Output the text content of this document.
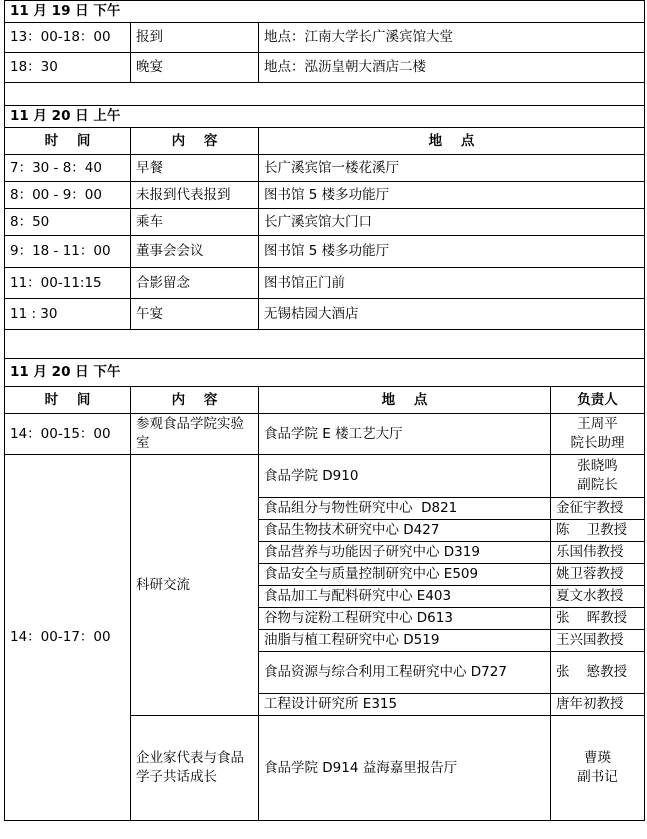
11 月 19 日 下午			
13：00-18：00	报到	地点：江南大学长广溪宾馆大堂	
18：30	晚宴	地点：泓沥皇朝大酒店二楼	

11 月 20 日 上午			
时    间	内    容	地    点	
7：30 - 8：40	早餐	长广溪宾馆一楼花溪厅	
8：00 - 9：00	未报到代表报到	图书馆 5 楼多功能厅	
8：50	乘车	长广溪宾馆大门口	
9：18 - 11：00	董事会会议	图书馆 5 楼多功能厅	
11：00-11:15	合影留念	图书馆正门前	
11 : 30	午宴	无锡桔园大酒店	

11 月 20 日 下午			
时    间	内    容	地    点	负责人
14：00-15：00	参观食品学院实验室	食品学院 E 楼工艺大厅	王周平
院长助理
14：00-17：00	科研交流	食品学院 D910	张晓鸣
副院长
		食品组分与物性研究中心  D821	金征宇教授
		食品生物技术研究中心 D427	陈    卫教授
		食品营养与功能因子研究中心 D319	乐国伟教授
		食品安全与质量控制研究中心 E509	姚卫蓉教授
		食品加工与配料研究中心 E403	夏文水教授
		谷物与淀粉工程研究中心 D613	张    晖教授
		油脂与植工程研究中心 D519	王兴国教授
		食品资源与综合利用工程研究中心 D727	张    慜教授
		工程设计研究所 E315	唐年初教授
	企业家代表与食品学子共话成长	食品学院 D914 益海嘉里报告厅	曹瑛
副书记
